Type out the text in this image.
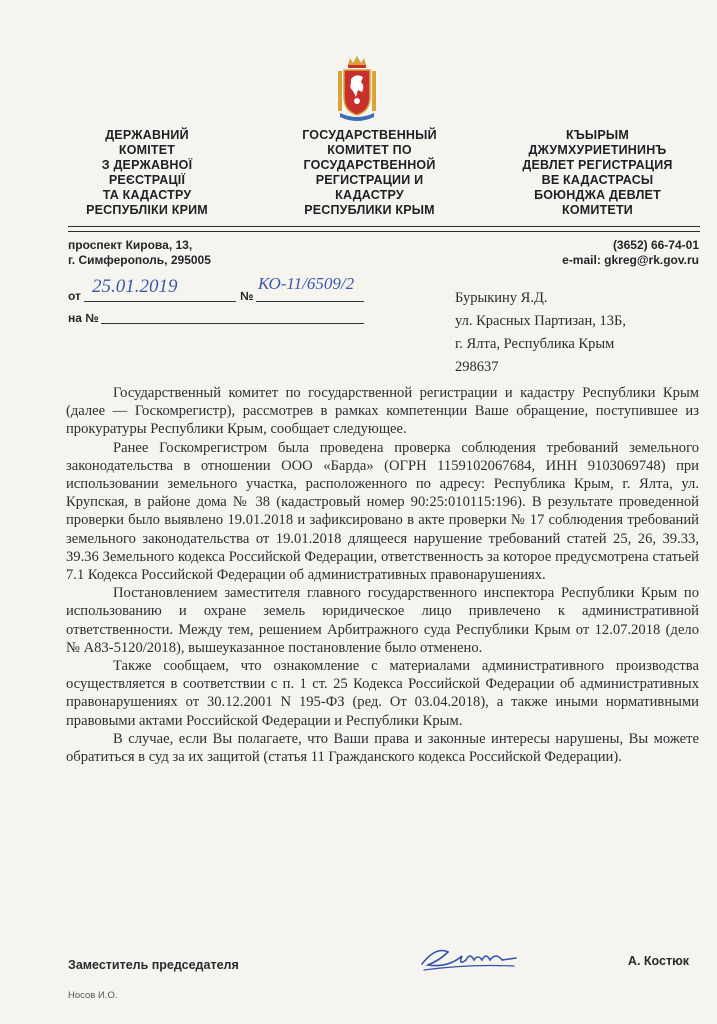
ДЕРЖАВНИЙ
КОМІТЕТ
З ДЕРЖАВНОЇ
РЕЄСТРАЦІЇ
ТА КАДАСТРУ
РЕСПУБЛІКИ КРИМ
ГОСУДАРСТВЕННЫЙ
КОМИТЕТ ПО
ГОСУДАРСТВЕННОЙ
РЕГИСТРАЦИИ И
КАДАСТРУ
РЕСПУБЛИКИ КРЫМ
КЪЫРЫМ
ДЖУМХУРИЕТИНИНЪ
ДЕВЛЕТ РЕГИСТРАЦИЯ
ВЕ КАДАСТРАСЫ
БОЮНДЖА ДЕВЛЕТ
КОМИТЕТИ
проспект Кирова, 13,
г. Симферополь, 295005
(3652) 66-74-01
e-mail: gkreg@rk.gov.ru
от 25.01.2019	№
КО-11/6509/2
на №
Бурыкину Я.Д.
ул. Красных Партизан, 13Б,
г. Ялта, Республика Крым
298637

Государственный комитет по государственной регистрации и кадастру Республики Крым (далее — Госкомрегистр), рассмотрев в рамках компетенции Ваше обращение, поступившее из прокуратуры Республики Крым, сообщает следующее.

Ранее Госкомрегистром была проведена проверка соблюдения требований земельного законодательства в отношении ООО «Барда» (ОГРН 1159102067684, ИНН 9103069748) при использовании земельного участка, расположенного по адресу: Республика Крым, г. Ялта, ул. Крупская, в районе дома № 38 (кадастровый номер 90:25:010115:196). В результате проведенной проверки было выявлено 19.01.2018 и зафиксировано в акте проверки № 17 соблюдения требований земельного законодательства от 19.01.2018 длящееся нарушение требований статей 25, 26, 39.33, 39.36 Земельного кодекса Российской Федерации, ответственность за которое предусмотрена статьей 7.1 Кодекса Российской Федерации об административных правонарушениях.

Постановлением заместителя главного государственного инспектора Республики Крым по использованию и охране земель юридическое лицо привлечено к административной ответственности. Между тем, решением Арбитражного суда Республики Крым от 12.07.2018 (дело № А83-5120/2018), вышеуказанное постановление было отменено.

Также сообщаем, что ознакомление с материалами административного производства осуществляется в соответствии с п. 1 ст. 25 Кодекса Российской Федерации об административных правонарушениях от 30.12.2001 N 195-ФЗ (ред. От 03.04.2018), а также иными нормативными правовыми актами Российской Федерации и Республики Крым.

В случае, если Вы полагаете, что Ваши права и законные интересы нарушены, Вы можете обратиться в суд за их защитой (статья 11 Гражданского кодекса Российской Федерации).

Заместитель председателя	А. Костюк
Носов И.О.
